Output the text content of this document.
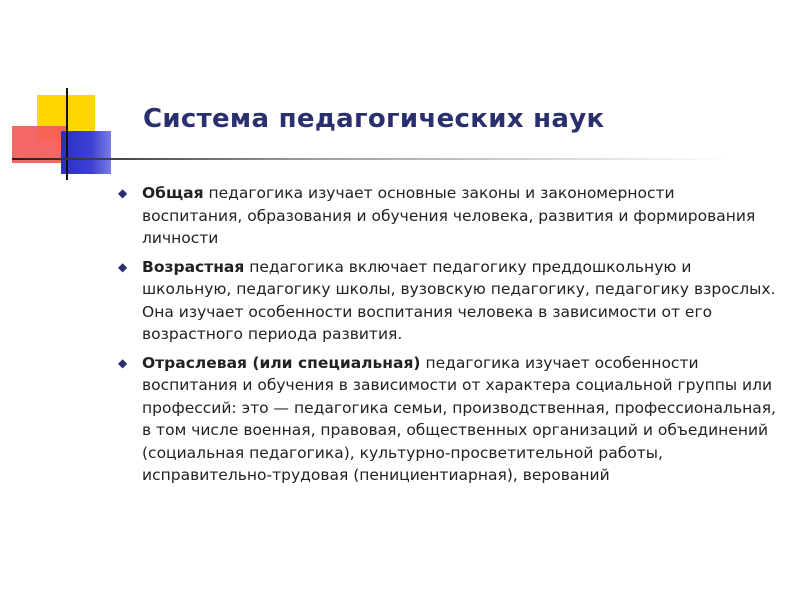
Система педагогических наук
◆ Общая педагогика изучает основные законы и закономерности воспитания, образования и обучения человека, развития и формирования личности
◆ Возрастная педагогика включает педагогику преддошкольную и школьную, педагогику школы, вузовскую педагогику, педагогику взрослых. Она изучает особенности воспитания человека в зависимости от его возрастного периода развития.
◆ Отраслевая (или специальная) педагогика изучает особенности воспитания и обучения в зависимости от характера социальной группы или профессий: это — педагогика семьи, производственная, профессиональная, в том числе военная, правовая, общественных организаций и объединений (социальная педагогика), культурно-просветительной работы, исправительно-трудовая (пенициентиарная), верований
